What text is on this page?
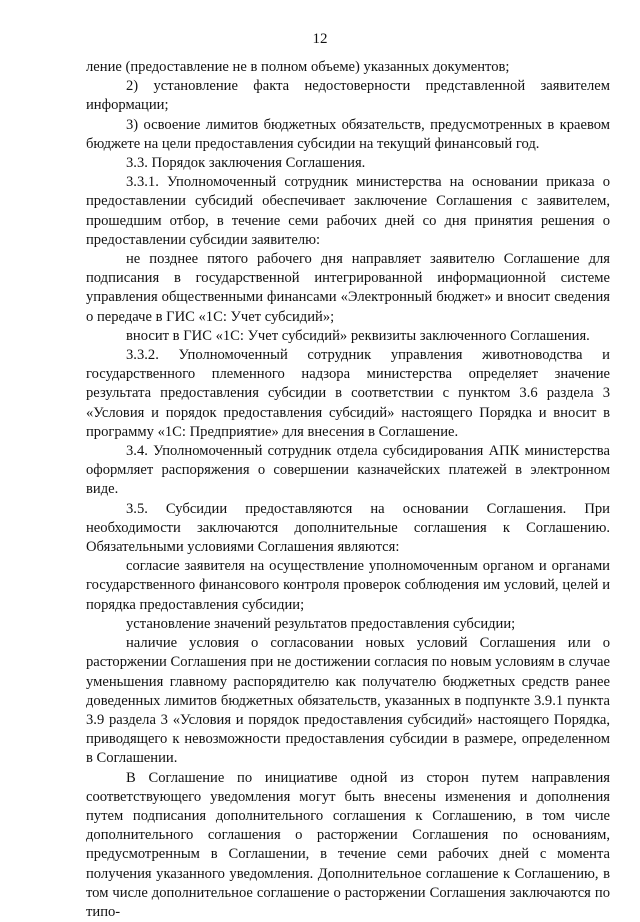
12

ление (предоставление не в полном объеме) указанных документов;

2) установление факта недостоверности представленной заявителем информации;

3) освоение лимитов бюджетных обязательств, предусмотренных в краевом бюджете на цели предоставления субсидии на текущий финансовый год.

3.3. Порядок заключения Соглашения.

3.3.1. Уполномоченный сотрудник министерства на основании приказа о предоставлении субсидий обеспечивает заключение Соглашения с заявителем, прошедшим отбор, в течение семи рабочих дней со дня принятия решения о предоставлении субсидии заявителю:

не позднее пятого рабочего дня направляет заявителю Соглашение для подписания в государственной интегрированной информационной системе управления общественными финансами «Электронный бюджет» и вносит сведения о передаче в ГИС «1С: Учет субсидий»;

вносит в ГИС «1С: Учет субсидий» реквизиты заключенного Соглашения.

3.3.2. Уполномоченный сотрудник управления животноводства и государственного племенного надзора министерства определяет значение результата предоставления субсидии в соответствии с пунктом 3.6 раздела 3 «Условия и порядок предоставления субсидий» настоящего Порядка и вносит в программу «1С: Предприятие» для внесения в Соглашение.

3.4. Уполномоченный сотрудник отдела субсидирования АПК министерства оформляет распоряжения о совершении казначейских платежей в электронном виде.

3.5. Субсидии предоставляются на основании Соглашения. При необходимости заключаются дополнительные соглашения к Соглашению. Обязательными условиями Соглашения являются:

согласие заявителя на осуществление уполномоченным органом и органами государственного финансового контроля проверок соблюдения им условий, целей и порядка предоставления субсидии;

установление значений результатов предоставления субсидии;

наличие условия о согласовании новых условий Соглашения или о расторжении Соглашения при не достижении согласия по новым условиям в случае уменьшения главному распорядителю как получателю бюджетных средств ранее доведенных лимитов бюджетных обязательств, указанных в подпункте 3.9.1 пункта 3.9 раздела 3 «Условия и порядок предоставления субсидий» настоящего Порядка, приводящего к невозможности предоставления субсидии в размере, определенном в Соглашении.

В Соглашение по инициативе одной из сторон путем направления соответствующего уведомления могут быть внесены изменения и дополнения путем подписания дополнительного соглашения к Соглашению, в том числе дополнительного соглашения о расторжении Соглашения по основаниям, предусмотренным в Соглашении, в течение семи рабочих дней с момента получения указанного уведомления. Дополнительное соглашение к Соглашению, в том числе дополнительное соглашение о расторжении Соглашения заключаются по типо-
